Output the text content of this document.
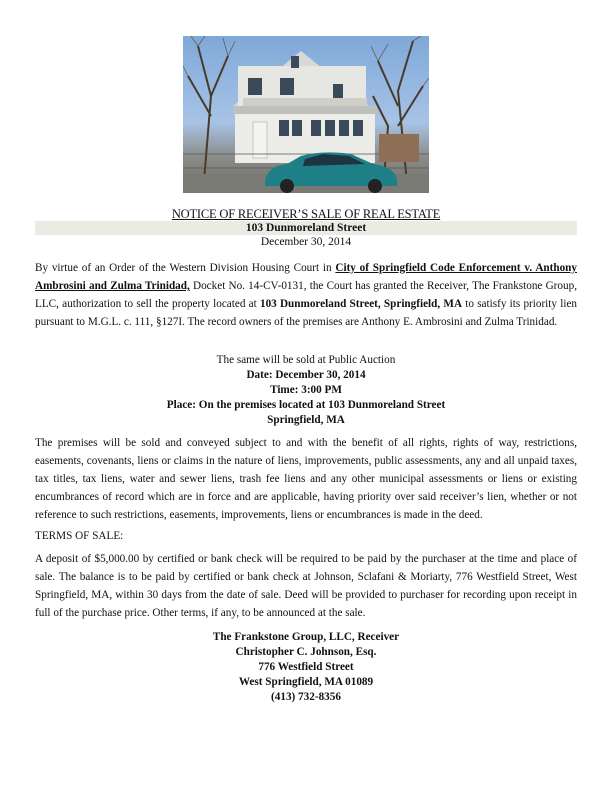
NOTICE OF RECEIVER’S SALE OF REAL ESTATE
103 Dunmoreland Street
December 30, 2014

By virtue of an Order of the Western Division Housing Court in City of Springfield Code Enforcement v. Anthony Ambrosini and Zulma Trinidad, Docket No. 14-CV-0131, the Court has granted the Receiver, The Frankstone Group, LLC, authorization to sell the property located at 103 Dunmoreland Street, Springfield, MA to satisfy its priority lien pursuant to M.G.L. c. 111, §127I. The record owners of the premises are Anthony E. Ambrosini and Zulma Trinidad.

The same will be sold at Public Auction
Date: December 30, 2014
Time: 3:00 PM
Place: On the premises located at 103 Dunmoreland Street
Springfield, MA

The premises will be sold and conveyed subject to and with the benefit of all rights, rights of way, restrictions, easements, covenants, liens or claims in the nature of liens, improvements, public assessments, any and all unpaid taxes, tax titles, tax liens, water and sewer liens, trash fee liens and any other municipal assessments or liens or existing encumbrances of record which are in force and are applicable, having priority over said receiver’s lien, whether or not reference to such restrictions, easements, improvements, liens or encumbrances is made in the deed.

TERMS OF SALE:

A deposit of $5,000.00 by certified or bank check will be required to be paid by the purchaser at the time and place of sale. The balance is to be paid by certified or bank check at Johnson, Sclafani & Moriarty, 776 Westfield Street, West Springfield, MA, within 30 days from the date of sale. Deed will be provided to purchaser for recording upon receipt in full of the purchase price. Other terms, if any, to be announced at the sale.

The Frankstone Group, LLC, Receiver
Christopher C. Johnson, Esq.
776 Westfield Street
West Springfield, MA 01089
(413) 732-8356
